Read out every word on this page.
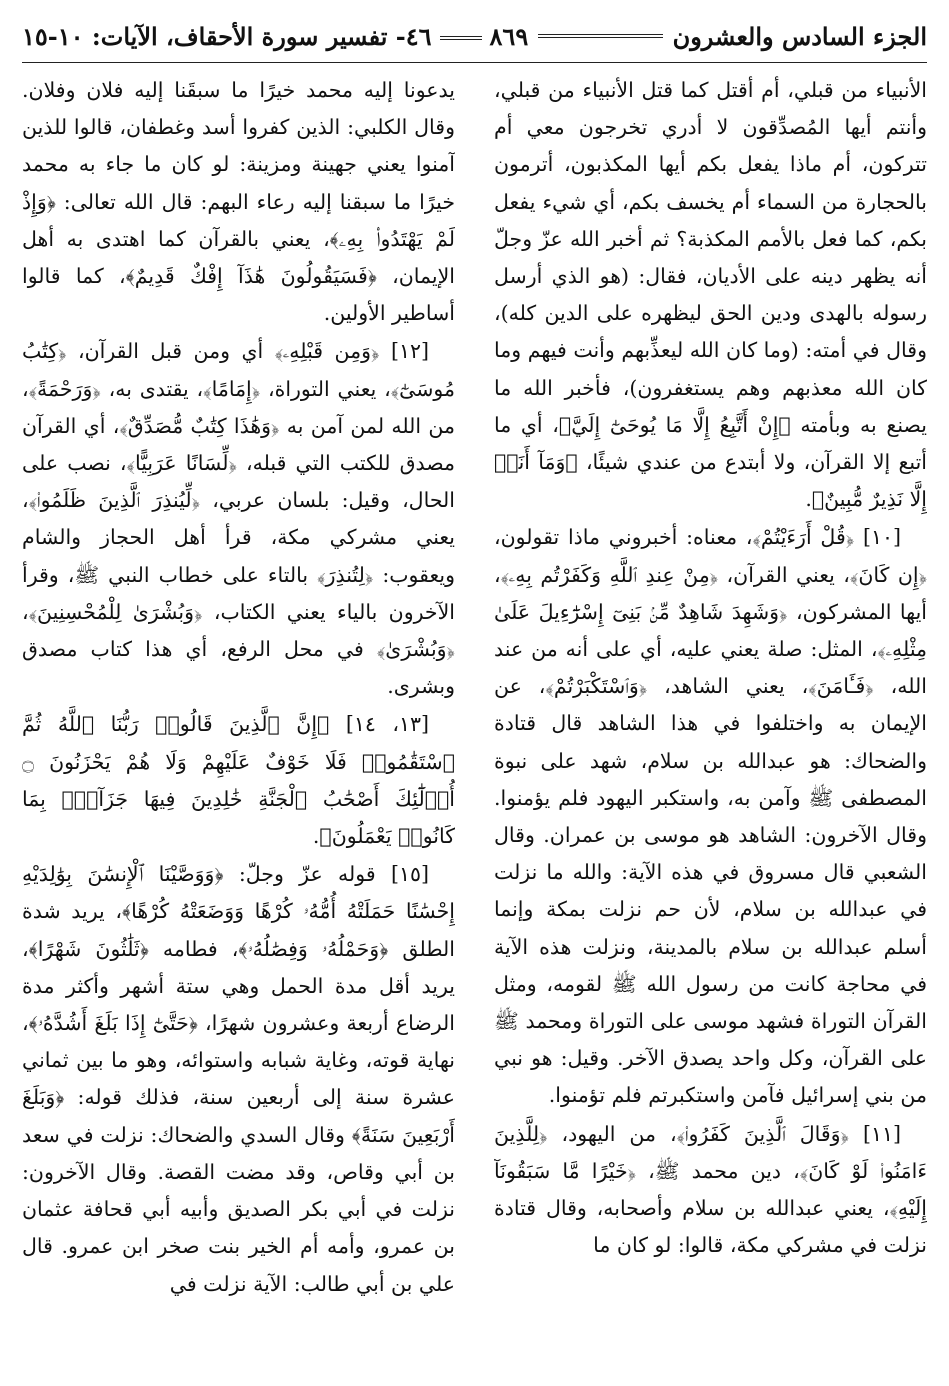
الجزء السادس والعشرون
٨٦٩٤٦- تفسير سورة الأحقاف، الآيات: ١٠-١٥

الأنبياء من قبلي، أم أقتل كما قتل الأنبياء من قبلي، وأنتم أيها المُصدِّقون لا أدري تخرجون معي أم تتركون، أم ماذا يفعل بكم أيها المكذبون، أترمون بالحجارة من السماء أم يخسف بكم، أي شيء يفعل بكم، كما فعل بالأمم المكذبة؟ ثم أخبر الله عزّ وجلّ أنه يظهر دينه على الأديان، فقال: (هو الذي أرسل رسوله بالهدى ودين الحق ليظهره على الدين كله)، وقال في أمته: (وما كان الله ليعذِّبهم وأنت فيهم وما كان الله معذبهم وهم يستغفرون)، فأخبر الله ما يصنع به وبأمته ﴿إِنْ أَتَّبِعُ إِلَّا مَا يُوحَىٰٓ إِلَيَّ﴾، أي ما أتبع إلا القرآن، ولا أبتدع من عندي شيئًا، ﴿وَمَآ أَنَا۠ إِلَّا نَذِيرٌ مُّبِينٌ﴾.

[١٠] ﴿قُلْ أَرَءَيْتُمْ﴾، معناه: أخبروني ماذا تقولون، ﴿إِن كَانَ﴾، يعني القرآن، ﴿مِنْ عِندِ ٱللَّهِ وَكَفَرْتُم بِهِۦ﴾، أيها المشركون، ﴿وَشَهِدَ شَاهِدٌ مِّنۢ بَنِىٓ إِسْرَٰٓءِيلَ عَلَىٰ مِثْلِهِۦ﴾، المثل: صلة يعني عليه، أي على أنه من عند الله، ﴿فَـَٔامَنَ﴾، يعني الشاهد، ﴿وَٱسْتَكْبَرْتُمْ﴾، عن الإيمان به واختلفوا في هذا الشاهد قال قتادة والضحاك: هو عبدالله بن سلام، شهد على نبوة المصطفى ﷺ وآمن به، واستكبر اليهود فلم يؤمنوا. وقال الآخرون: الشاهد هو موسى بن عمران. وقال الشعبي قال مسروق في هذه الآية: والله ما نزلت في عبدالله بن سلام، لأن حم نزلت بمكة وإنما أسلم عبدالله بن سلام بالمدينة، ونزلت هذه الآية في محاجة كانت من رسول الله ﷺ لقومه، ومثل القرآن التوراة فشهد موسى على التوراة ومحمد ﷺ على القرآن، وكل واحد يصدق الآخر. وقيل: هو نبي من بني إسرائيل فآمن واستكبرتم فلم تؤمنوا.

[١١] ﴿وَقَالَ ٱلَّذِينَ كَفَرُوا۟﴾، من اليهود، ﴿لِلَّذِينَ ءَامَنُوا۟ لَوْ كَانَ﴾، دين محمد ﷺ، ﴿خَيْرًا مَّا سَبَقُونَآ إِلَيْهِ﴾، يعني عبدالله بن سلام وأصحابه، وقال قتادة نزلت في مشركي مكة، قالوا: لو كان ما

يدعونا إليه محمد خيرًا ما سبقَنا إليه فلان وفلان. وقال الكلبي: الذين كفروا أسد وغطفان، قالوا للذين آمنوا يعني جهينة ومزينة: لو كان ما جاء به محمد خيرًا ما سبقنا إليه رعاء البهم: قال الله تعالى: ﴿وَإِذْ لَمْ يَهْتَدُوا۟ بِهِۦ﴾، يعني بالقرآن كما اهتدى به أهل الإيمان، ﴿فَسَيَقُولُونَ هَٰذَآ إِفْكٌ قَدِيمٌ﴾، كما قالوا أساطير الأولين.

[١٢] ﴿وَمِن قَبْلِهِۦ﴾ أي ومن قبل القرآن، ﴿كِتَٰبُ مُوسَىٰٓ﴾، يعني التوراة، ﴿إِمَامًا﴾، يقتدى به، ﴿وَرَحْمَةً﴾، من الله لمن آمن به ﴿وَهَٰذَا كِتَٰبٌ مُّصَدِّقٌ﴾، أي القرآن مصدق للكتب التي قبله، ﴿لِّسَانًا عَرَبِيًّا﴾، نصب على الحال، وقيل: بلسان عربي، ﴿لِّيُنذِرَ ٱلَّذِينَ ظَلَمُوا۟﴾، يعني مشركي مكة، قرأ أهل الحجاز والشام ويعقوب: ﴿لِتُنذِرَ﴾ بالتاء على خطاب النبي ﷺ، وقرأ الآخرون بالياء يعني الكتاب، ﴿وَبُشْرَىٰ لِلْمُحْسِنِينَ﴾، ﴿وَبُشْرَىٰ﴾ في محل الرفع، أي هذا كتاب مصدق وبشرى.

[١٣، ١٤] ﴿إِنَّ ٱلَّذِينَ قَالُوا۟ رَبُّنَا ٱللَّهُ ثُمَّ ٱسْتَقَٰمُوا۟ فَلَا خَوْفٌ عَلَيْهِمْ وَلَا هُمْ يَحْزَنُونَ ۝ أُو۟لَٰٓئِكَ أَصْحَٰبُ ٱلْجَنَّةِ خَٰلِدِينَ فِيهَا جَزَآءًۢ بِمَا كَانُوا۟ يَعْمَلُونَ﴾.

[١٥] قوله عزّ وجلّ: ﴿وَوَصَّيْنَا ٱلْإِنسَٰنَ بِوَٰلِدَيْهِ إِحْسَٰنًا حَمَلَتْهُ أُمُّهُۥ كُرْهًا وَوَضَعَتْهُ كُرْهًا﴾، يريد شدة الطلق ﴿وَحَمْلُهُۥ وَفِصَٰلُهُۥ﴾، فطامه ﴿ثَلَٰثُونَ شَهْرًا﴾، يريد أقل مدة الحمل وهي ستة أشهر وأكثر مدة الرضاع أربعة وعشرون شهرًا، ﴿حَتَّىٰٓ إِذَا بَلَغَ أَشُدَّهُۥ﴾، نهاية قوته، وغاية شبابه واستوائه، وهو ما بين ثماني عشرة سنة إلى أربعين سنة، فذلك قوله: ﴿وَبَلَغَ أَرْبَعِينَ سَنَةً﴾ وقال السدي والضحاك: نزلت في سعد بن أبي وقاص، وقد مضت القصة. وقال الآخرون: نزلت في أبي بكر الصديق وأبيه أبي قحافة عثمان بن عمرو، وأمه أم الخير بنت صخر ابن عمرو. قال علي بن أبي طالب: الآية نزلت في
